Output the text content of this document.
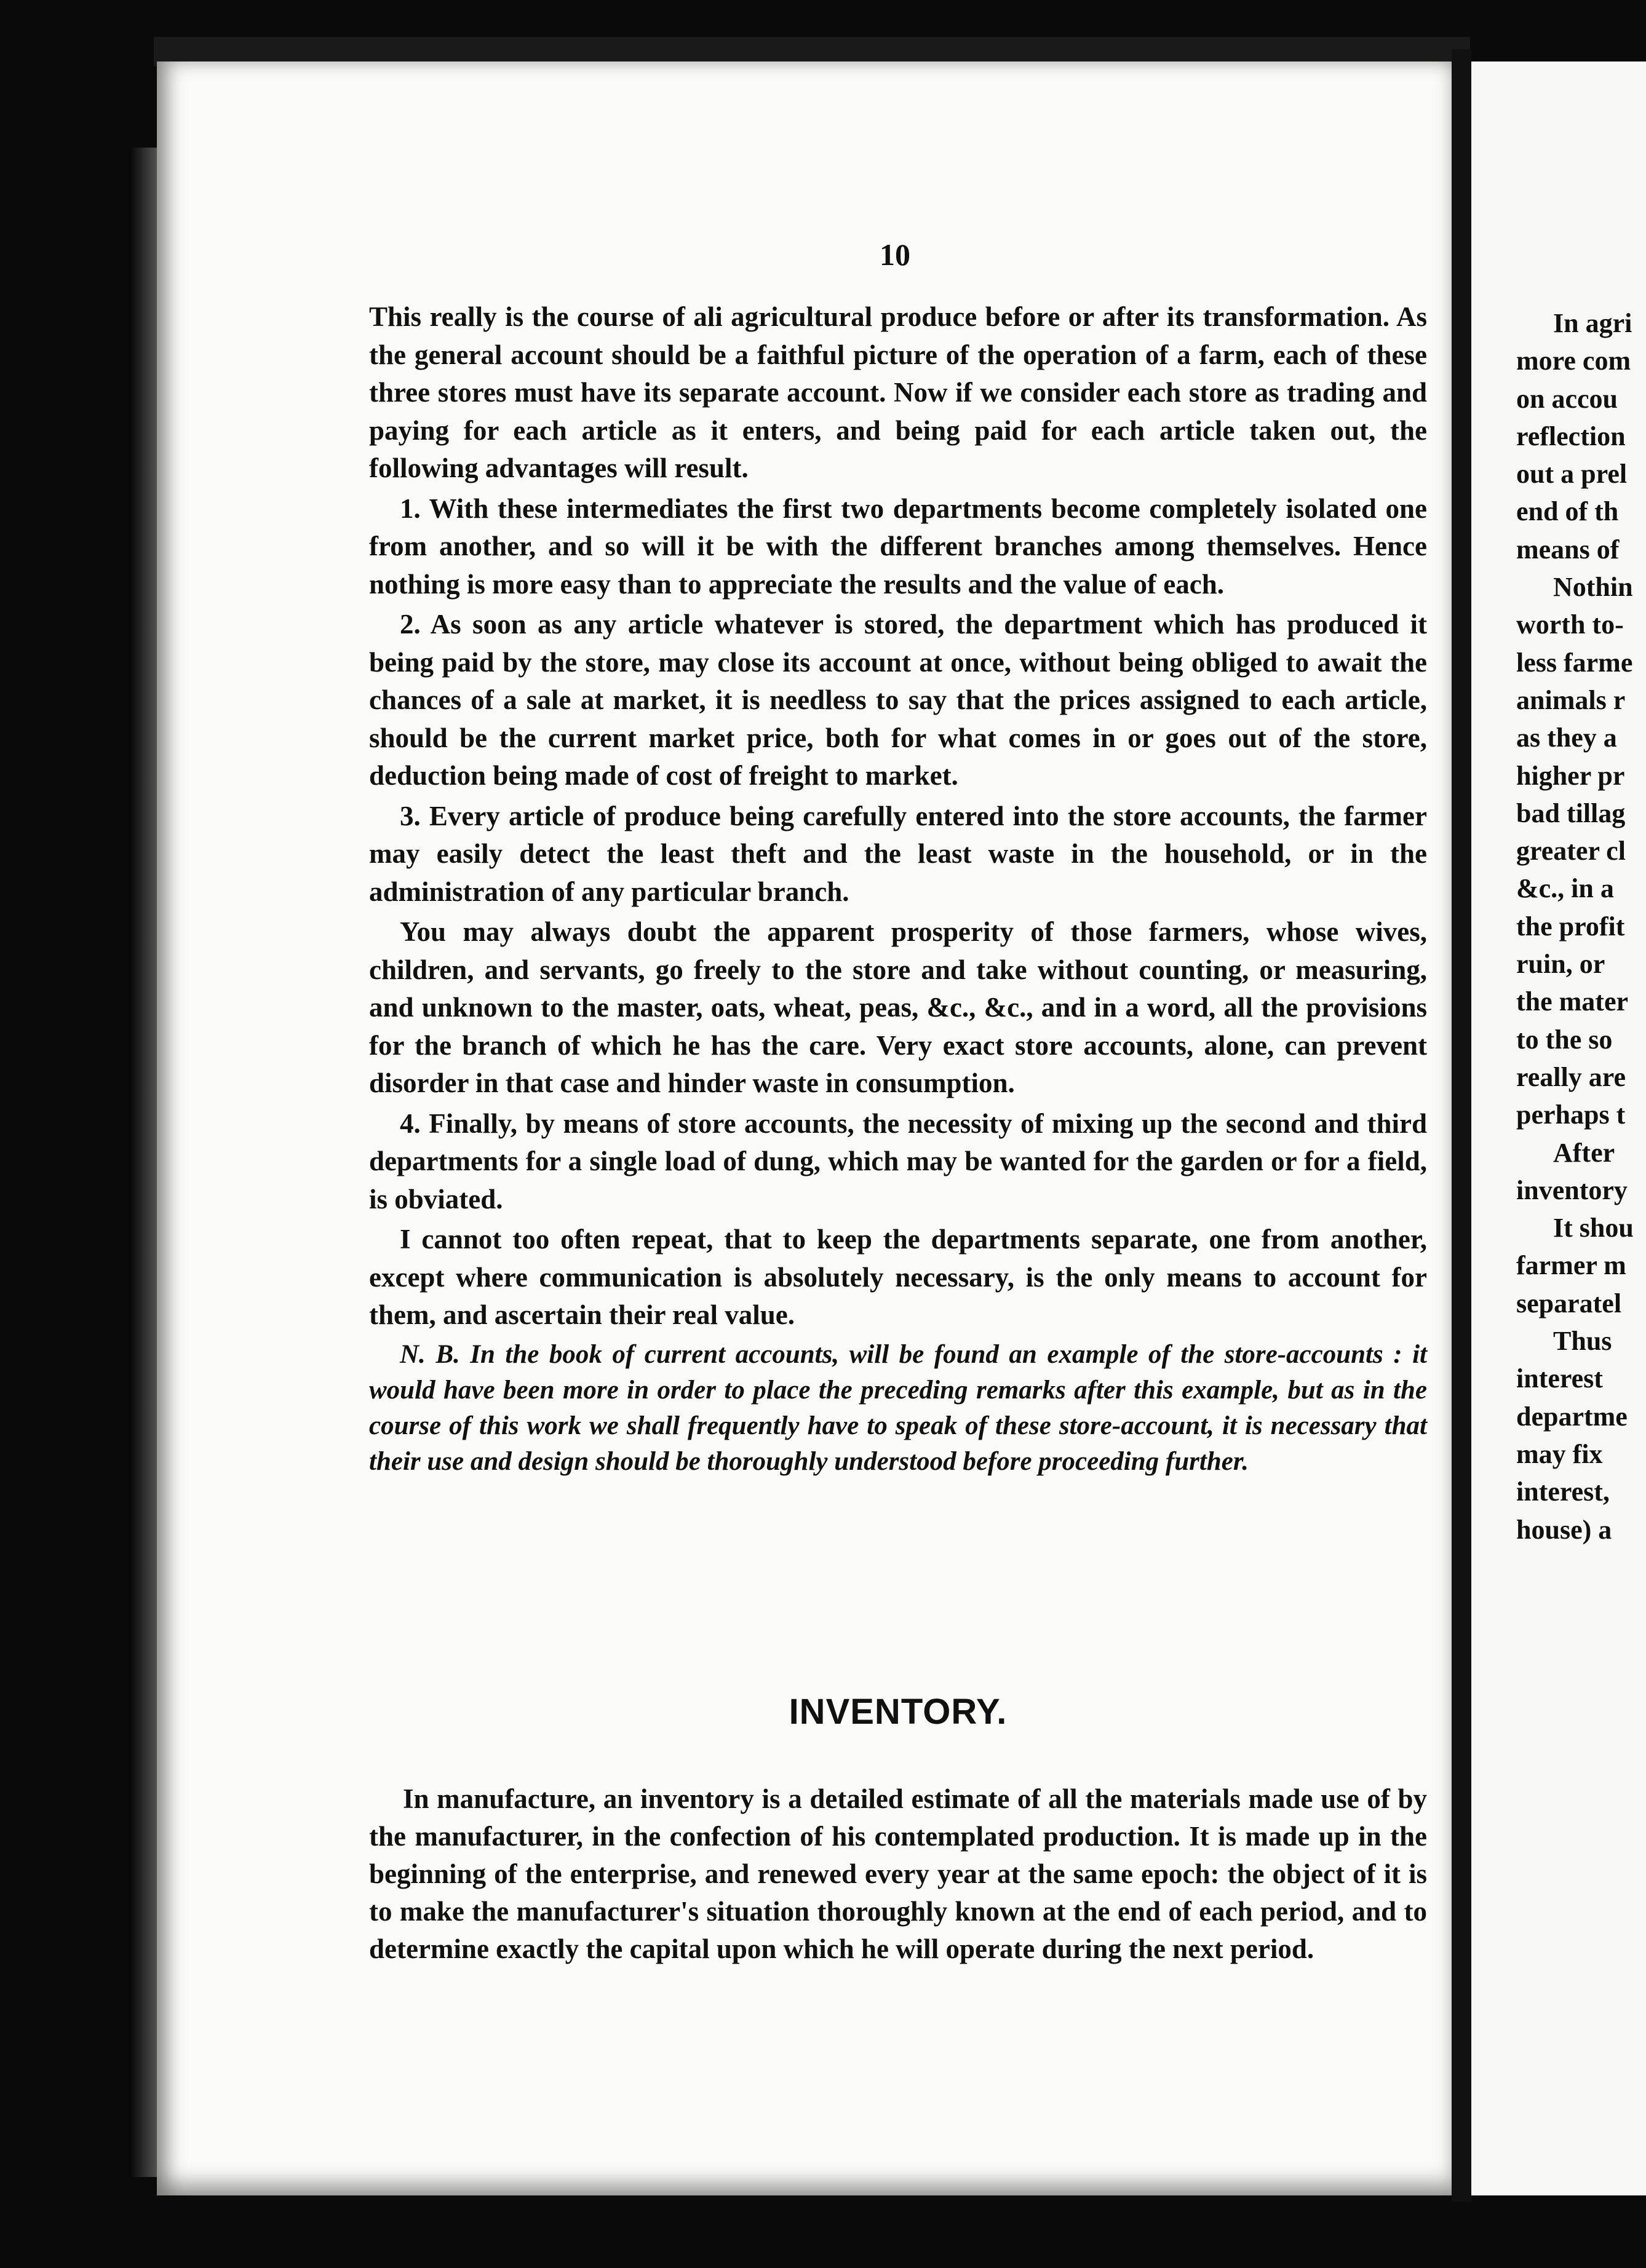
10

This really is the course of ali agricultural produce before or after its transformation. As the general account should be a faithful picture of the operation of a farm, each of these three stores must have its separate account. Now if we consider each store as trading and paying for each article as it enters, and being paid for each article taken out, the following advantages will result.

1. With these intermediates the first two departments become completely isolated one from another, and so will it be with the different branches among themselves. Hence nothing is more easy than to appreciate the results and the value of each.

2. As soon as any article whatever is stored, the department which has produced it being paid by the store, may close its account at once, without being obliged to await the chances of a sale at market, it is needless to say that the prices assigned to each article, should be the current market price, both for what comes in or goes out of the store, deduction being made of cost of freight to market.

3. Every article of produce being carefully entered into the store accounts, the farmer may easily detect the least theft and the least waste in the household, or in the administration of any particular branch.

You may always doubt the apparent prosperity of those farmers, whose wives, children, and servants, go freely to the store and take without counting, or measuring, and unknown to the master, oats, wheat, peas, &c., &c., and in a word, all the provisions for the branch of which he has the care. Very exact store accounts, alone, can prevent disorder in that case and hinder waste in consumption.

4. Finally, by means of store accounts, the necessity of mixing up the second and third departments for a single load of dung, which may be wanted for the garden or for a field, is obviated.

I cannot too often repeat, that to keep the departments separate, one from another, except where communication is absolutely necessary, is the only means to account for them, and ascertain their real value.

N. B. In the book of current accounts, will be found an example of the store-accounts : it would have been more in order to place the preceding remarks after this example, but as in the course of this work we shall frequently have to speak of these store-account, it is necessary that their use and design should be thoroughly understood before proceeding further.

INVENTORY.

In manufacture, an inventory is a detailed estimate of all the materials made use of by the manufacturer, in the confection of his contemplated production. It is made up in the beginning of the enterprise, and renewed every year at the same epoch: the object of it is to make the manufacturer's situation thoroughly known at the end of each period, and to determine exactly the capital upon which he will operate during the next period.

In agri
more com
on accou
reflection
out a prel
end of th
means of
Nothin
worth to-
less farme
animals r
as they a
higher pr
bad tillag
greater cl
&c., in a
the profit
ruin, or
the mater
to the so
really are
perhaps t
After
inventory
It shou
farmer m
separatel
Thus
interest
departme
may fix
interest,
house) a
